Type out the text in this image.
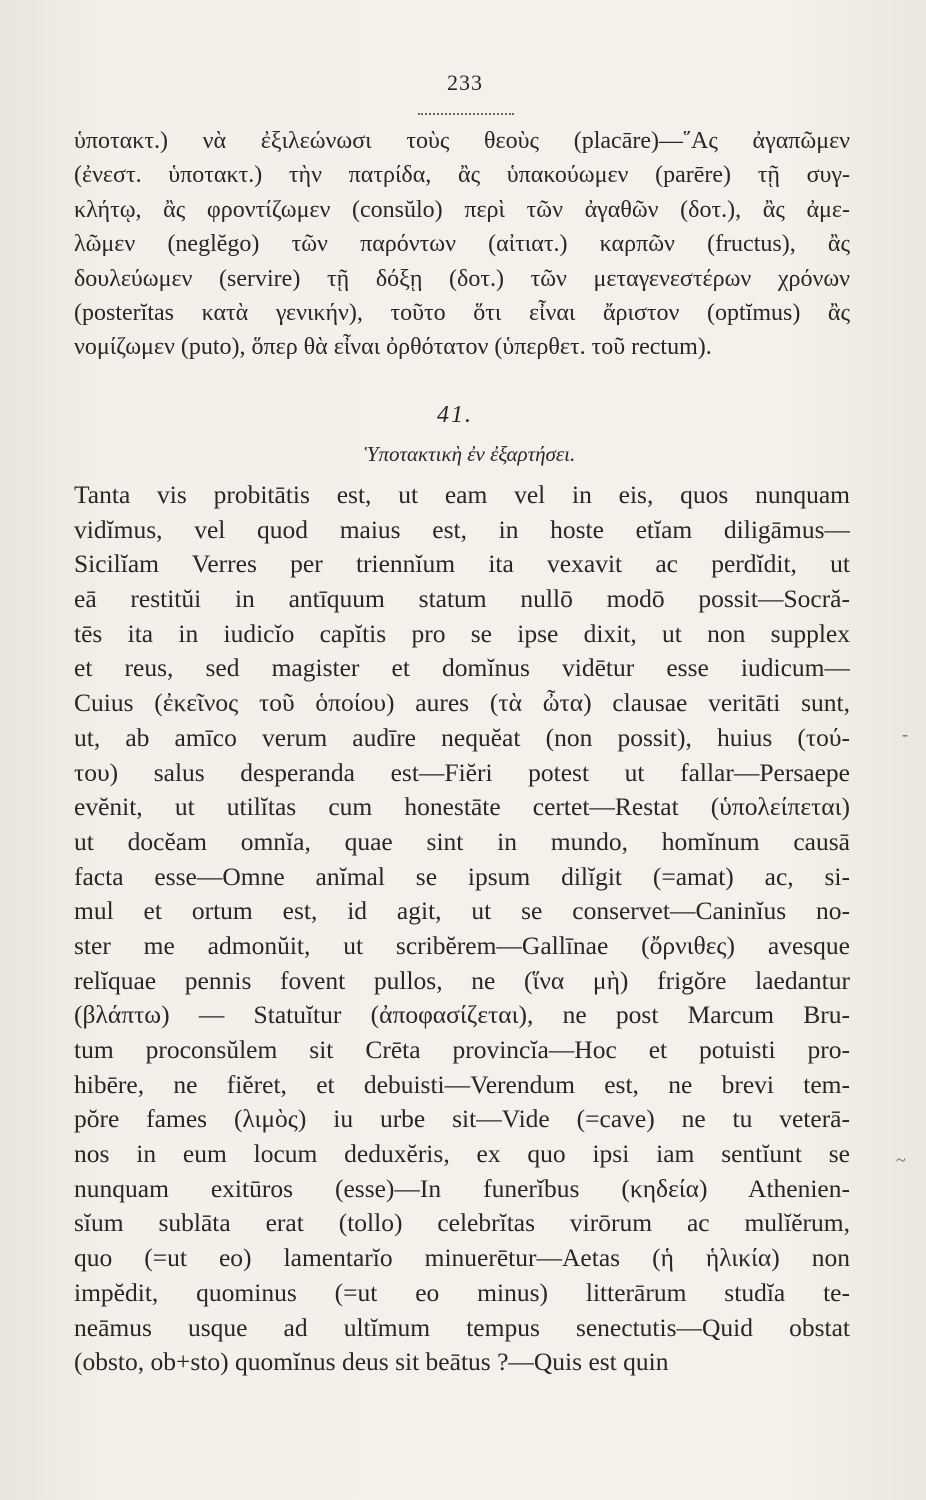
233
ὑποτακτ.) νὰ ἐξιλεώνωσι τοὺς θεοὺς (placāre)—῞Ας ἀγαπῶμεν
(ἐνεστ. ὑποτακτ.) τὴν πατρίδα, ἂς ὑπακούωμεν (parēre) τῇ συγ-
κλήτῳ, ἂς φροντίζωμεν (consŭlo) περὶ τῶν ἀγαθῶν (δοτ.), ἂς ἀμε-
λῶμεν (neglĕgo) τῶν παρόντων (αἰτιατ.) καρπῶν (fructus), ἂς
δουλεύωμεν (servire) τῇ δόξῃ (δοτ.) τῶν μεταγενεστέρων χρόνων
(posterĭtas κατὰ γενικήν), τοῦτο ὅτι εἶναι ἄριστον (optĭmus) ἂς
νομίζωμεν (puto), ὅπερ θὰ εἶναι ὀρθότατον (ὑπερθετ. τοῦ rectum).
41.
Ὑποτακτικὴ ἐν ἐξαρτήσει.
Tanta vis probitātis est, ut eam vel in eis, quos nunquam
vidĭmus, vel quod maius est, in hoste etĭam diligāmus—
Sicilĭam Verres per triennĭum ita vexavit ac perdĭdit, ut
eā restitŭi in antīquum statum nullō modō possit—Socră-
tēs ita in iudicĭo capĭtis pro se ipse dixit, ut non supplex
et reus, sed magister et domĭnus vidētur esse iudicum—
Cuius (ἐκεῖνος τοῦ ὁποίου) aures (τὰ ὦτα) clausae veritāti sunt,
ut, ab amīco verum audīre nequĕat (non possit), huius (τού-
του) salus desperanda est—Fiĕri potest ut fallar—Persaepe
evĕnit, ut utilĭtas cum honestāte certet—Restat (ὑπολείπεται)
ut docĕam omnĭa, quae sint in mundo, homĭnum causā
facta esse—Omne anĭmal se ipsum dilĭgit (=amat) ac, si-
mul et ortum est, id agit, ut se conservet—Caninĭus no-
ster me admonŭit, ut scribĕrem—Gallīnae (ὄρνιθες) avesque
relĭquae pennis fovent pullos, ne (ἵνα μὴ) frigŏre laedantur
(βλάπτω) — Statuĭtur (ἀποφασίζεται), ne post Marcum Bru-
tum proconsŭlem sit Crēta provincĭa—Hoc et potuisti pro-
hibēre, ne fiĕret, et debuisti—Verendum est, ne brevi tem-
pŏre fames (λιμὸς) iu urbe sit—Vide (=cave) ne tu veterā-
nos in eum locum deduxĕris, ex quo ipsi iam sentĭunt se
nunquam exitūros (esse)—In funerĭbus (κηδεία) Athenien-
sĭum sublāta erat (tollo) celebrĭtas virōrum ac mulĭĕrum,
quo (=ut eo) lamentarĭo minuerētur—Aetas (ἡ ἡλικία) non
impĕdit, quominus (=ut eo minus) litterārum studĭa te-
neāmus usque ad ultĭmum tempus senectutis—Quid obstat
(obsto, ob+sto) quomĭnus deus sit beātus ?—Quis est quin
-
~
